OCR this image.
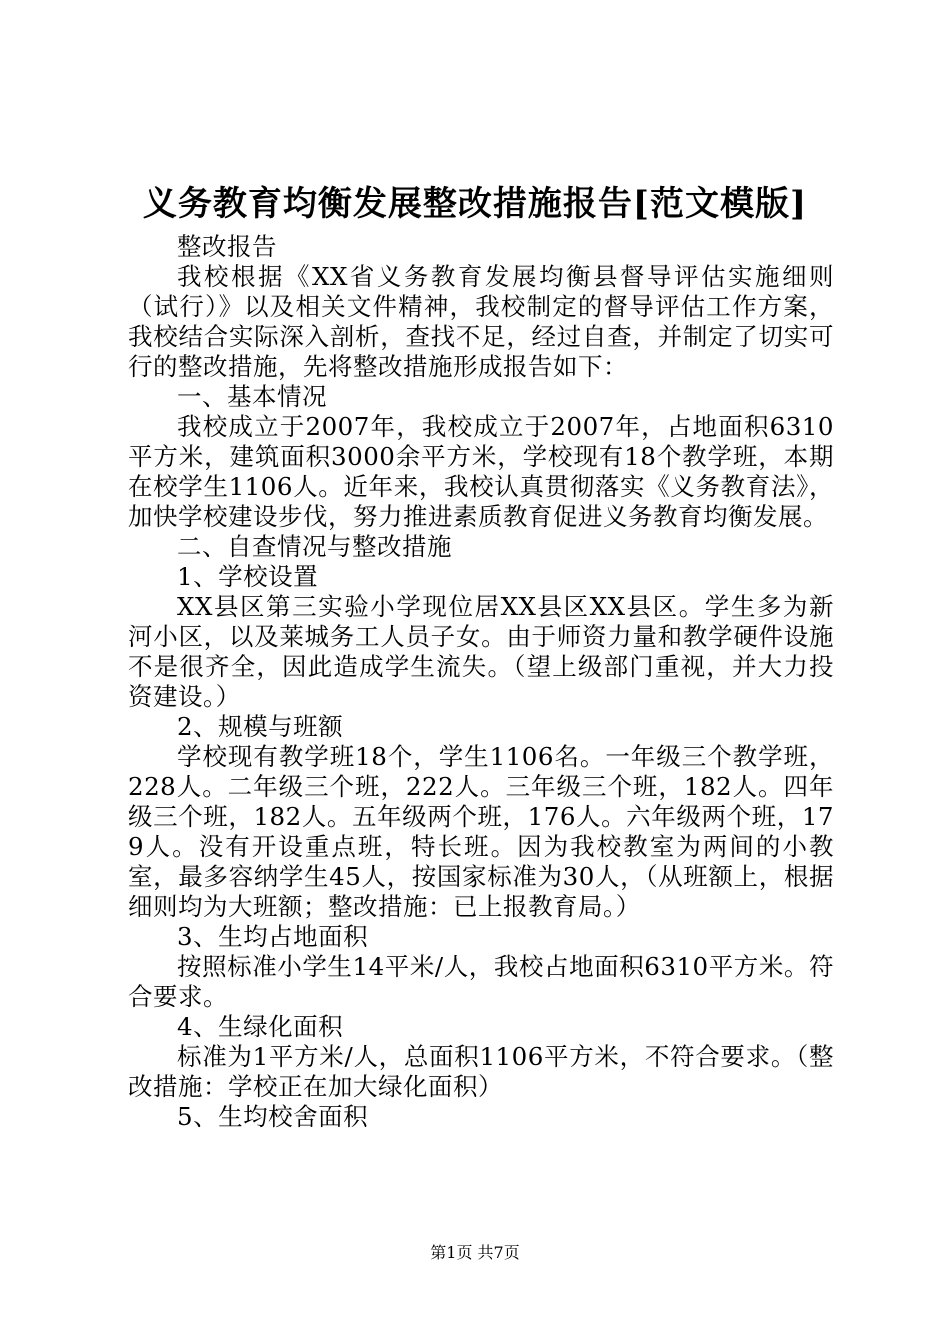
义务教育均衡发展整改措施报告[范文模版]

整改报告

我校根据《XX省义务教育发展均衡县督导评估实施细则（试行）》以及相关文件精神，我校制定的督导评估工作方案，我校结合实际深入剖析，查找不足，经过自查，并制定了切实可行的整改措施，先将整改措施形成报告如下：

一、基本情况

我校成立于2007年，我校成立于2007年，占地面积6310平方米，建筑面积3000余平方米，学校现有18个教学班，本期在校学生1106人。近年来，我校认真贯彻落实《义务教育法》，加快学校建设步伐，努力推进素质教育促进义务教育均衡发展。

二、自查情况与整改措施

1、学校设置

XX县区第三实验小学现位居XX县区XX县区。学生多为新河小区，以及莱城务工人员子女。由于师资力量和教学硬件设施不是很齐全，因此造成学生流失。（望上级部门重视，并大力投资建设。）

2、规模与班额

学校现有教学班18个，学生1106名。一年级三个教学班，228人。二年级三个班，222人。三年级三个班，182人。四年级三个班，182人。五年级两个班，176人。六年级两个班，179人。没有开设重点班，特长班。因为我校教室为两间的小教室，最多容纳学生45人，按国家标准为30人，（从班额上，根据细则均为大班额；整改措施：已上报教育局。）

3、生均占地面积

按照标准小学生14平米/人，我校占地面积6310平方米。符合要求。

4、生绿化面积

标准为1平方米/人，总面积1106平方米，不符合要求。（整改措施：学校正在加大绿化面积）

5、生均校舍面积

第1页 共7页
